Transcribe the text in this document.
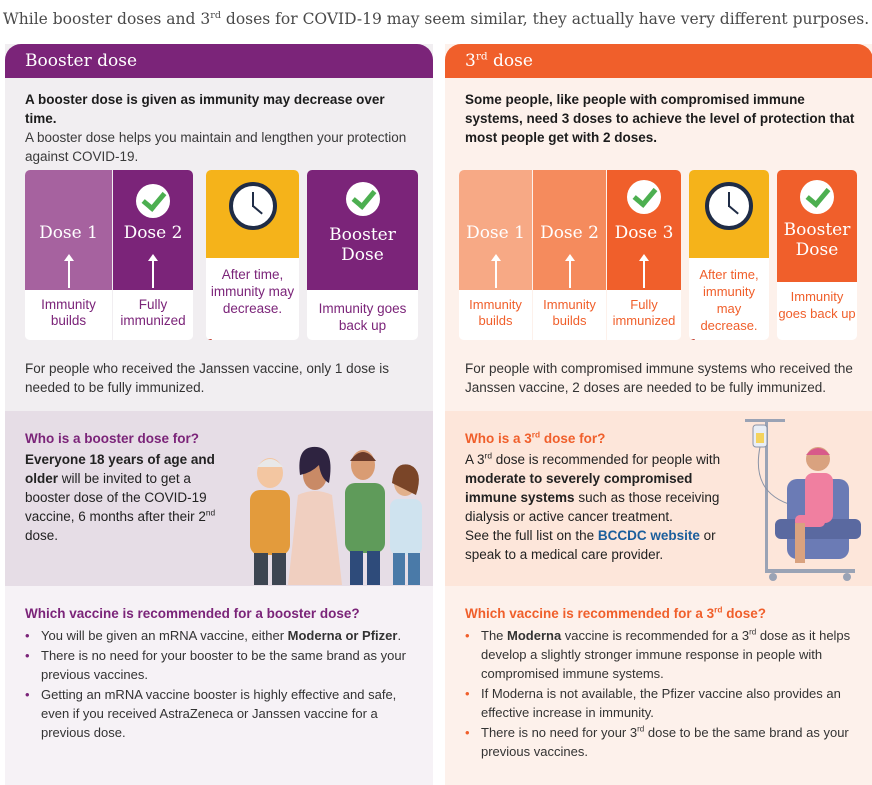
While booster doses and 3rd doses for COVID-19 may seem similar, they actually have very different purposes.
Booster dose
A booster dose is given as immunity may decrease over time.
A booster dose helps you maintain and lengthen your protection against COVID-19.
Dose 1
Immunity builds
Dose 2
Fully immunized
After time, immunity may decrease.
Booster Dose
Immunity goes back up
For people who received the Janssen vaccine, only 1 dose is needed to be fully immunized.
Who is a booster dose for?
Everyone 18 years of age and older will be invited to get a booster dose of the COVID-19 vaccine, 6 months after their 2nd dose.
Which vaccine is recommended for a booster dose?
• You will be given an mRNA vaccine, either Moderna or Pfizer.
• There is no need for your booster to be the same brand as your previous vaccines.
• Getting an mRNA vaccine booster is highly effective and safe, even if you received AstraZeneca or Janssen vaccine for a previous dose.
3rd dose
Some people, like people with compromised immune systems, need 3 doses to achieve the level of protection that most people get with 2 doses.
Dose 1
Immunity builds
Dose 2
Immunity builds
Dose 3
Fully immunized
After time, immunity may decrease.
Booster Dose
Immunity goes back up
For people with compromised immune systems who received the Janssen vaccine, 2 doses are needed to be fully immunized.
Who is a 3rd dose for?
A 3rd dose is recommended for people with moderate to severely compromised immune systems such as those receiving dialysis or active cancer treatment.
See the full list on the BCCDC website or speak to a medical care provider.
Which vaccine is recommended for a 3rd dose?
• The Moderna vaccine is recommended for a 3rd dose as it helps develop a slightly stronger immune response in people with compromised immune systems.
• If Moderna is not available, the Pfizer vaccine also provides an effective increase in immunity.
• There is no need for your 3rd dose to be the same brand as your previous vaccines.
